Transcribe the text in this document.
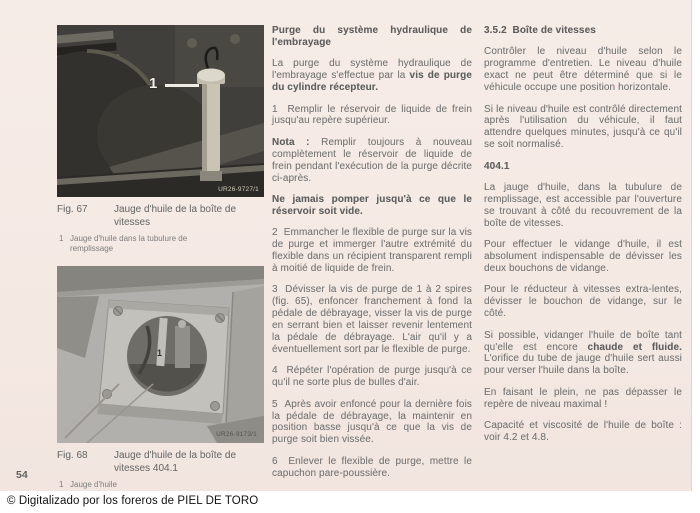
1
UR26-9727/1
Fig. 67	Jauge d'huile de la boîte de vitesses
1 Jauge d'huile dans la tubulure de remplissage
1
UR26-9173/1
Fig. 68	Jauge d'huile de la boîte de vitesses 404.1
1 Jauge d'huile

Purge du système hydraulique de l'embrayage

La purge du système hydraulique de l'embrayage s'effectue par la vis de purge du cylindre récepteur.

1  Remplir le réservoir de liquide de frein jusqu'au repère supérieur.

Nota : Remplir toujours à nouveau complètement le réservoir de liquide de frein pendant l'exécution de la purge décrite ci-après.

Ne jamais pomper jusqu'à ce que le réservoir soit vide.

2  Emmancher le flexible de purge sur la vis de purge et immerger l'autre extrémité du flexible dans un récipient transparent rempli à moitié de liquide de frein.

3  Dévisser la vis de purge de 1 à 2 spires (fig. 65), enfoncer franchement à fond la pédale de débrayage, visser la vis de purge en serrant bien et laisser revenir lentement la pédale de débrayage. L'air qu'il y a éventuellement sort par le flexible de purge.

4  Répéter l'opération de purge jusqu'à ce qu'il ne sorte plus de bulles d'air.

5  Après avoir enfoncé pour la dernière fois la pédale de débrayage, la maintenir en position basse jusqu'à ce que la vis de purge soit bien vissée.

6  Enlever le flexible de purge, mettre le capuchon pare-poussière.

3.5.2  Boîte de vitesses

Contrôler le niveau d'huile selon le programme d'entretien. Le niveau d'huile exact ne peut être déterminé que si le véhicule occupe une position horizontale.

Si le niveau d'huile est contrôlé directement après l'utilisation du véhicule, il faut attendre quelques minutes, jusqu'à ce qu'il se soit normalisé.

404.1

La jauge d'huile, dans la tubulure de remplissage, est accessible par l'ouverture se trouvant à côté du recouvrement de la boîte de vitesses.

Pour effectuer le vidange d'huile, il est absolument indispensable de dévisser les deux bouchons de vidange.

Pour le réducteur à vitesses extra-lentes, dévisser le bouchon de vidange, sur le côté.

Si possible, vidanger l'huile de boîte tant qu'elle est encore chaude et fluide. L'orifice du tube de jauge d'huile sert aussi pour verser l'huile dans la boîte.

En faisant le plein, ne pas dépasser le repère de niveau maximal !

Capacité et viscosité de l'huile de boîte : voir 4.2 et 4.8.

54
© Digitalizado por los foreros de PIEL DE TORO
